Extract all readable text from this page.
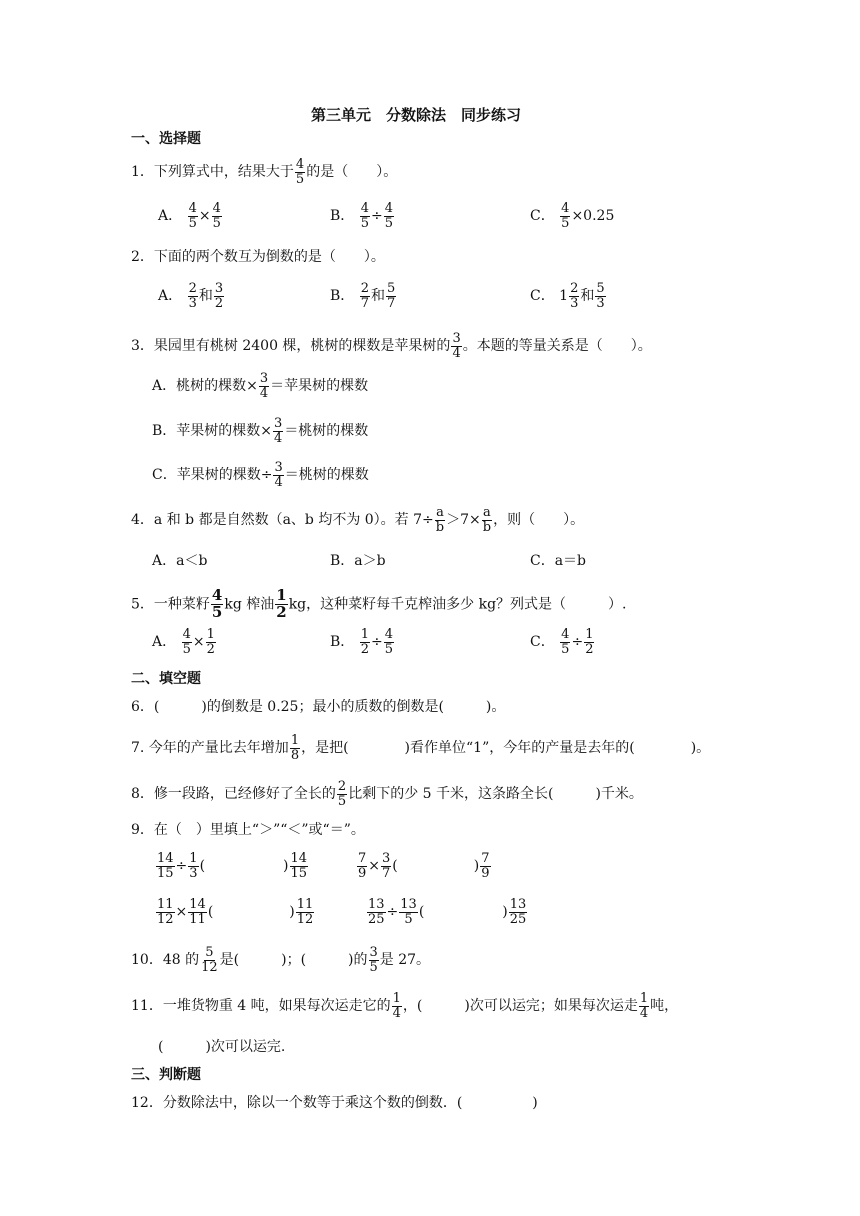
第三单元　分数除法　同步练习
一、选择题
1．下列算式中，结果大于 $\frac{4}{5}$ 的是（　　）。
A． $\frac{4}{5} \times \frac{4}{5}$	B． $\frac{4}{5} \div \frac{4}{5}$	C． $\frac{4}{5} \times 0.25$
2．下面的两个数互为倒数的是（　　）。
A． $\frac{2}{3}$ 和 $\frac{3}{2}$	B． $\frac{2}{7}$ 和 $\frac{5}{7}$	C． $1 \frac{2}{3}$ 和 $\frac{5}{3}$
3．果园里有桃树 2400 棵，桃树的棵数是苹果树的 $\frac{3}{4}$ 。本题的等量关系是（　　）。
A．桃树的棵数× $\frac{3}{4}$ ＝苹果树的棵数
B．苹果树的棵数× $\frac{3}{4}$ ＝桃树的棵数
C．苹果树的棵数÷ $\frac{3}{4}$ ＝桃树的棵数
4．a 和 b 都是自然数（a、b 均不为 0）。若 $7\div \frac{a}{b} >7\times \frac{a}{b}$ ，则（　　）。
A．a＜b	B．a＞b	C．a＝b
5．一种菜籽 $\frac{4}{5}$ kg 榨油 $\frac{1}{2}$ kg，这种菜籽每千克榨油多少 kg？列式是（　　　）.
A． $\frac{4}{5} \times \frac{1}{2}$	B． $\frac{1}{2} \div \frac{4}{5}$	C． $\frac{4}{5} \div \frac{1}{2}$
二、填空题
6．(　　　)的倒数是 0.25；最小的质数的倒数是(　　　)。
7. 今年的产量比去年增加 $\frac{1}{8}$ ，是把(　　　　)看作单位“1”，今年的产量是去年的(　　　　)。
8．修一段路，已经修好了全长的 $\frac{2}{5}$ 比剩下的少 5 千米，这条路全长(　　　)千米。
9．在（　）里填上“＞”“＜”或“＝”。
$\frac{14}{15} \div \frac{1}{3}$ (	) $\frac{14}{15}$	$\frac{7}{9} \times \frac{3}{7}$ (	) $\frac{7}{9}$
$\frac{11}{12} \times \frac{14}{11}$ (	) $\frac{11}{12}$	$\frac{13}{25} \div \frac{13}{5}$ (	) $\frac{13}{25}$
10．48 的 $\frac{5}{12}$ 是(　　　)；(　　　)的 $\frac{3}{5}$ 是 27。
11．一堆货物重 4 吨，如果每次运走它的 $\frac{1}{4}$ ，(　　　)次可以运完；如果每次运走 $\frac{1}{4}$ 吨，
(　　　)次可以运完.
三、判断题
12．分数除法中，除以一个数等于乘这个数的倒数．(　　　　　)
